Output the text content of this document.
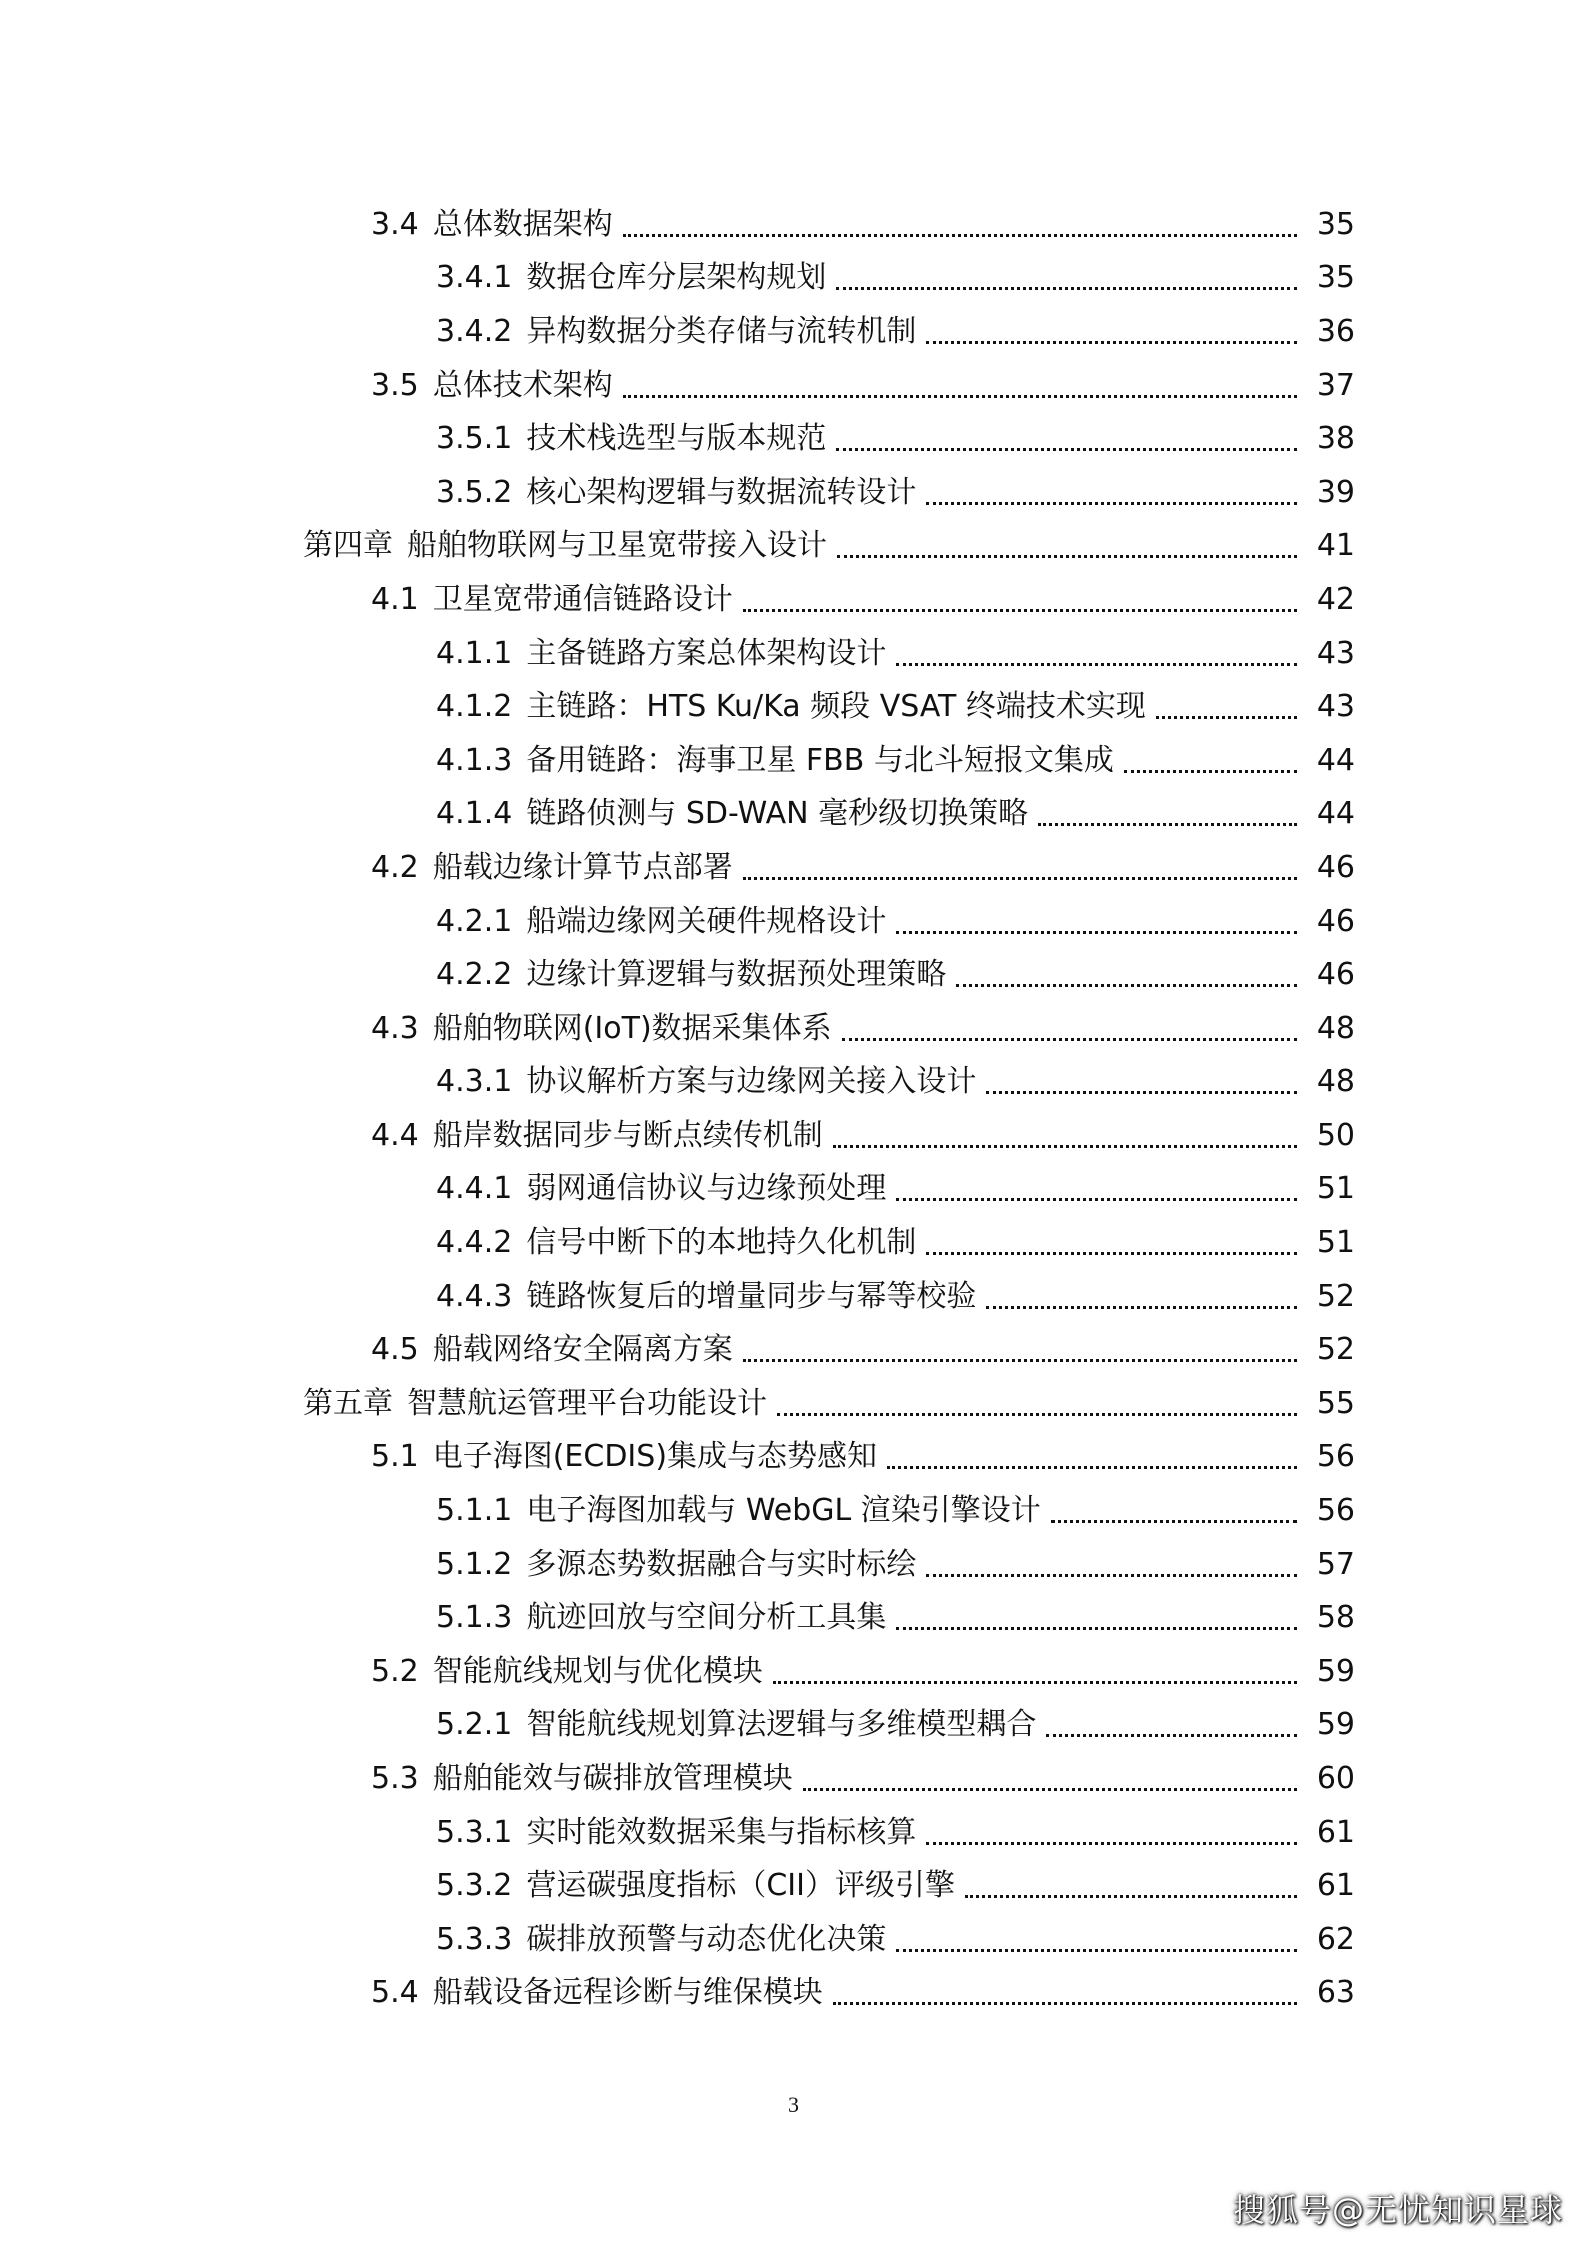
3.4 总体数据架构	35
3.4.1 数据仓库分层架构规划	35
3.4.2 异构数据分类存储与流转机制	36
3.5 总体技术架构	37
3.5.1 技术栈选型与版本规范	38
3.5.2 核心架构逻辑与数据流转设计	39
第四章 船舶物联网与卫星宽带接入设计	41
4.1 卫星宽带通信链路设计	42
4.1.1 主备链路方案总体架构设计	43
4.1.2 主链路：HTS Ku/Ka 频段 VSAT 终端技术实现	43
4.1.3 备用链路：海事卫星 FBB 与北斗短报文集成	44
4.1.4 链路侦测与 SD-WAN 毫秒级切换策略	44
4.2 船载边缘计算节点部署	46
4.2.1 船端边缘网关硬件规格设计	46
4.2.2 边缘计算逻辑与数据预处理策略	46
4.3 船舶物联网(IoT)数据采集体系	48
4.3.1 协议解析方案与边缘网关接入设计	48
4.4 船岸数据同步与断点续传机制	50
4.4.1 弱网通信协议与边缘预处理	51
4.4.2 信号中断下的本地持久化机制	51
4.4.3 链路恢复后的增量同步与幂等校验	52
4.5 船载网络安全隔离方案	52
第五章 智慧航运管理平台功能设计	55
5.1 电子海图(ECDIS)集成与态势感知	56
5.1.1 电子海图加载与 WebGL 渲染引擎设计	56
5.1.2 多源态势数据融合与实时标绘	57
5.1.3 航迹回放与空间分析工具集	58
5.2 智能航线规划与优化模块	59
5.2.1 智能航线规划算法逻辑与多维模型耦合	59
5.3 船舶能效与碳排放管理模块	60
5.3.1 实时能效数据采集与指标核算	61
5.3.2 营运碳强度指标（CII）评级引擎	61
5.3.3 碳排放预警与动态优化决策	62
5.4 船载设备远程诊断与维保模块	63
3
搜狐号@无忧知识星球
